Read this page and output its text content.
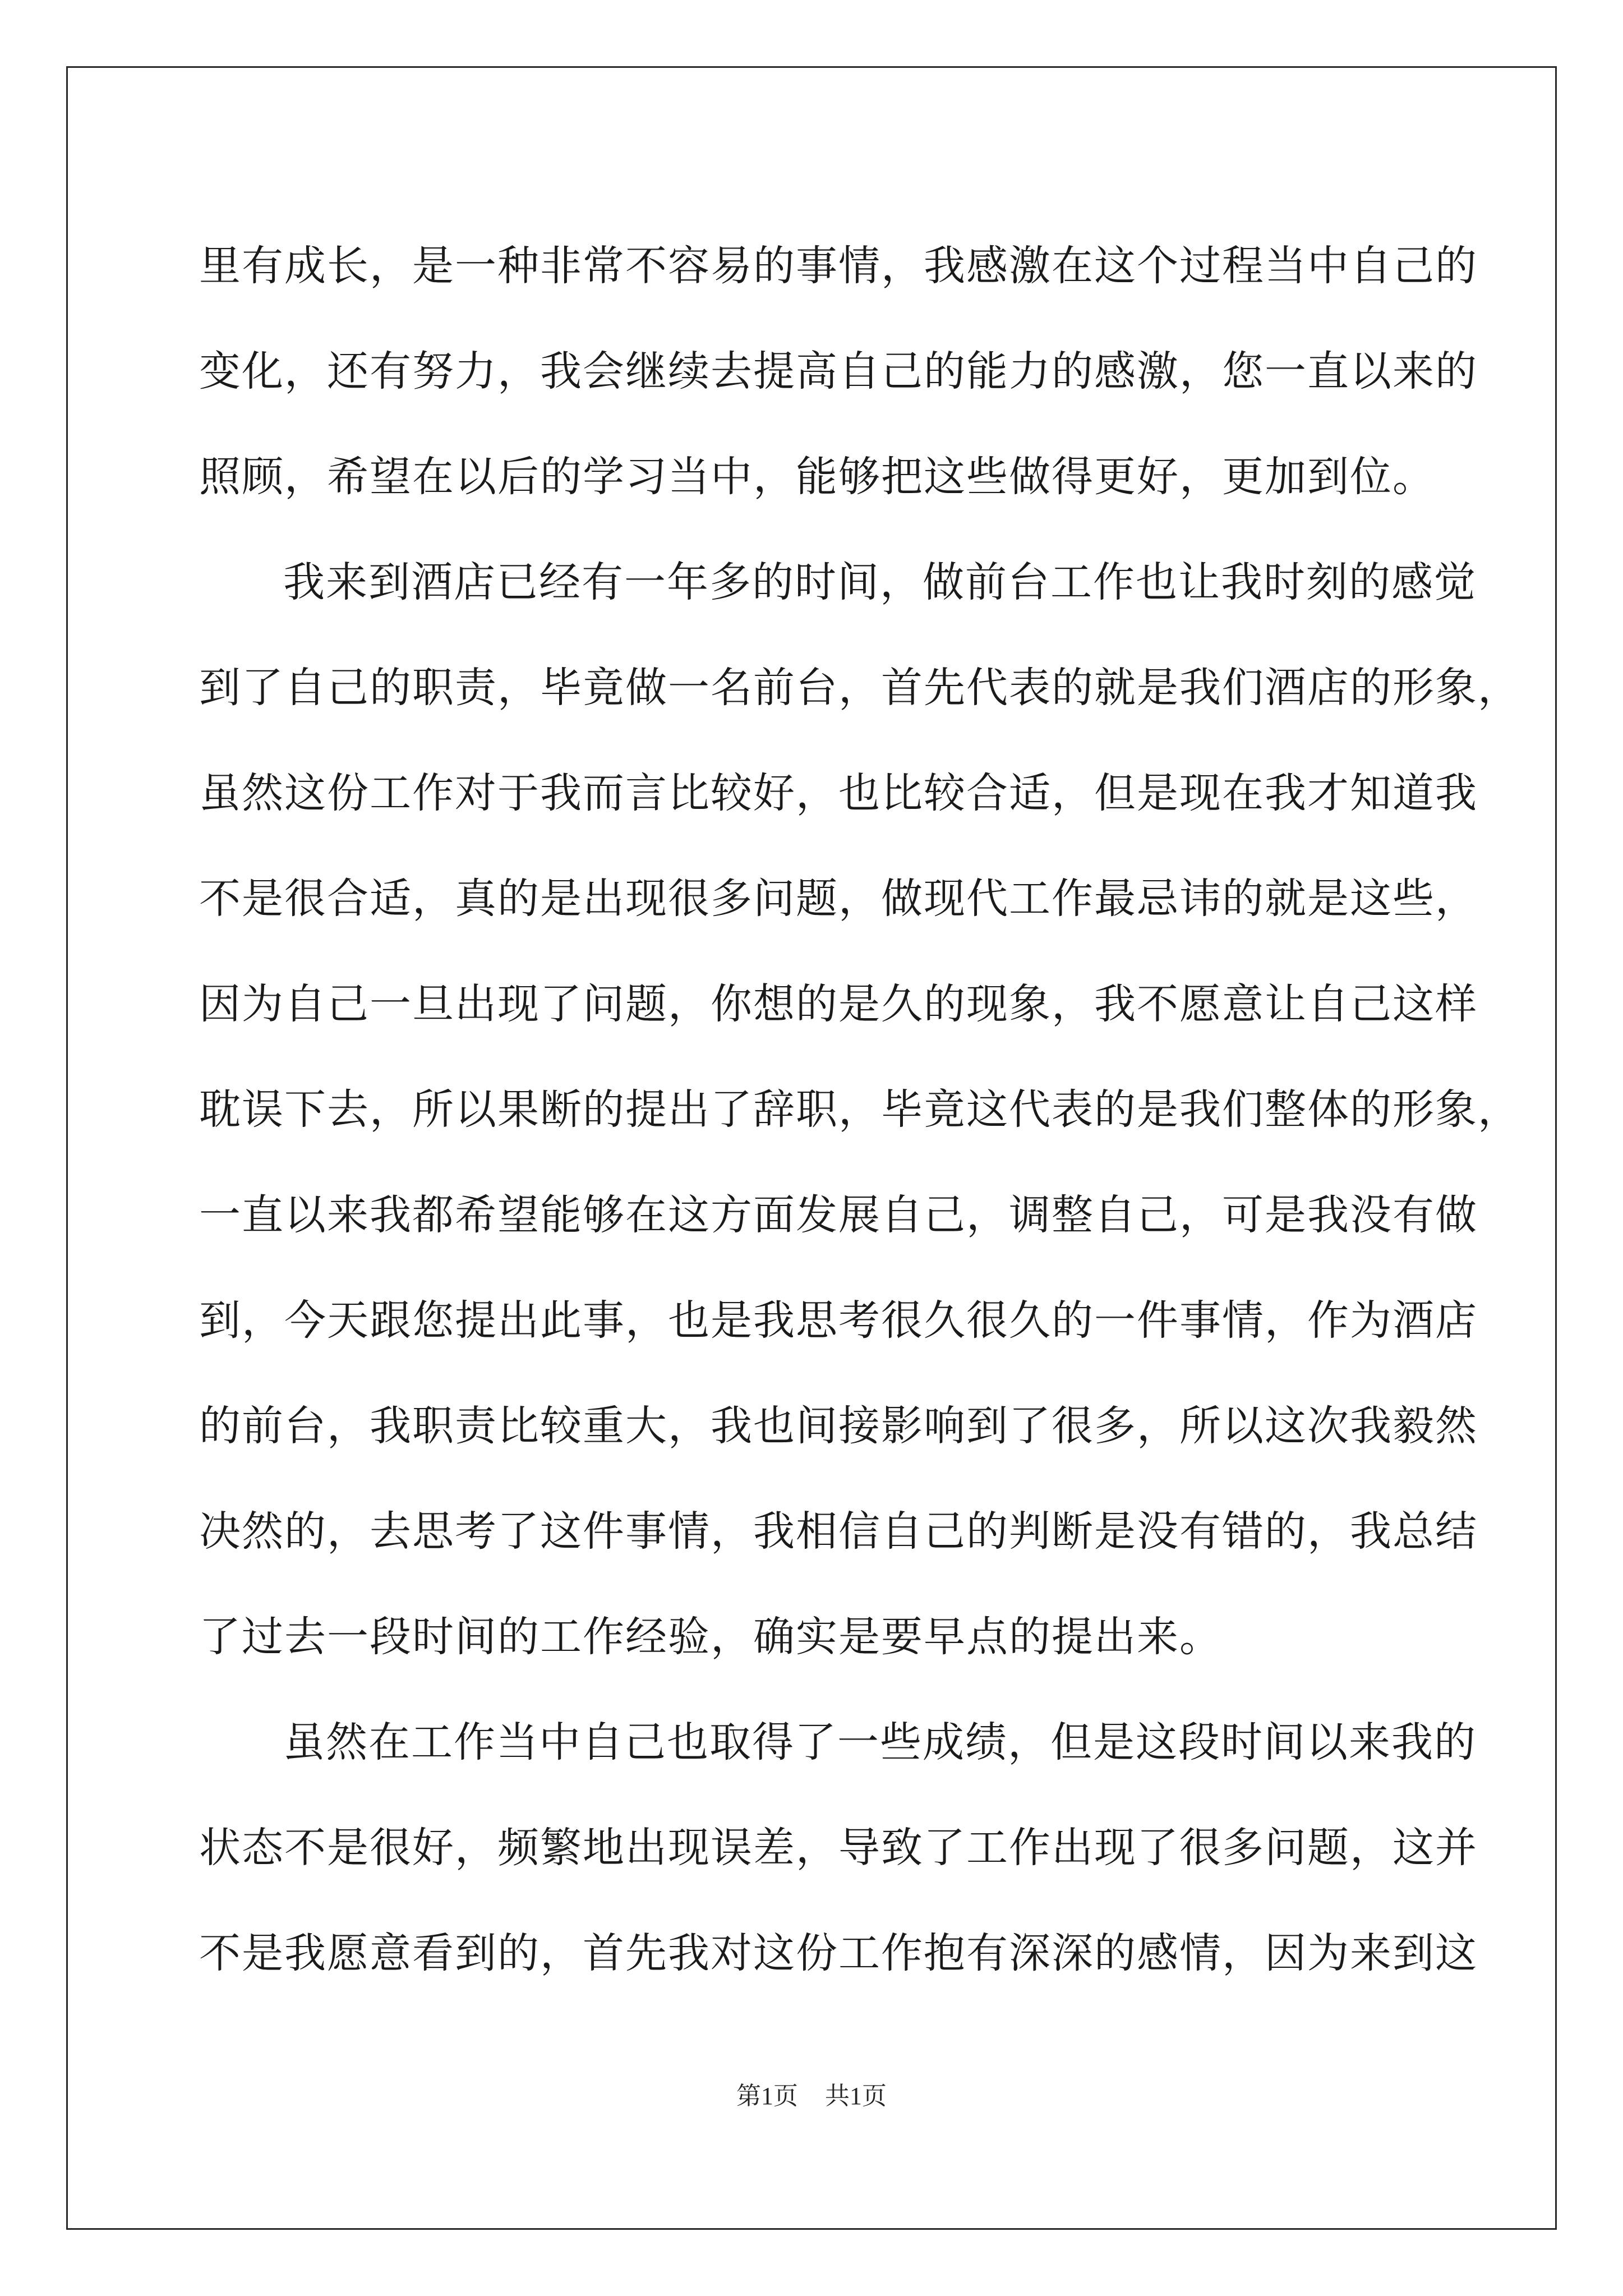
里有成长，是一种非常不容易的事情，我感激在这个过程当中自己的
变化，还有努力，我会继续去提高自己的能力的感激，您一直以来的
照顾，希望在以后的学习当中，能够把这些做得更好，更加到位。
我来到酒店已经有一年多的时间，做前台工作也让我时刻的感觉
到了自己的职责，毕竟做一名前台，首先代表的就是我们酒店的形象，
虽然这份工作对于我而言比较好，也比较合适，但是现在我才知道我
不是很合适，真的是出现很多问题，做现代工作最忌讳的就是这些，
因为自己一旦出现了问题，你想的是久的现象，我不愿意让自己这样
耽误下去，所以果断的提出了辞职，毕竟这代表的是我们整体的形象，
一直以来我都希望能够在这方面发展自己，调整自己，可是我没有做
到，今天跟您提出此事，也是我思考很久很久的一件事情，作为酒店
的前台，我职责比较重大，我也间接影响到了很多，所以这次我毅然
决然的，去思考了这件事情，我相信自己的判断是没有错的，我总结
了过去一段时间的工作经验，确实是要早点的提出来。
虽然在工作当中自己也取得了一些成绩，但是这段时间以来我的
状态不是很好，频繁地出现误差，导致了工作出现了很多问题，这并
不是我愿意看到的，首先我对这份工作抱有深深的感情，因为来到这
第1页 共1页
